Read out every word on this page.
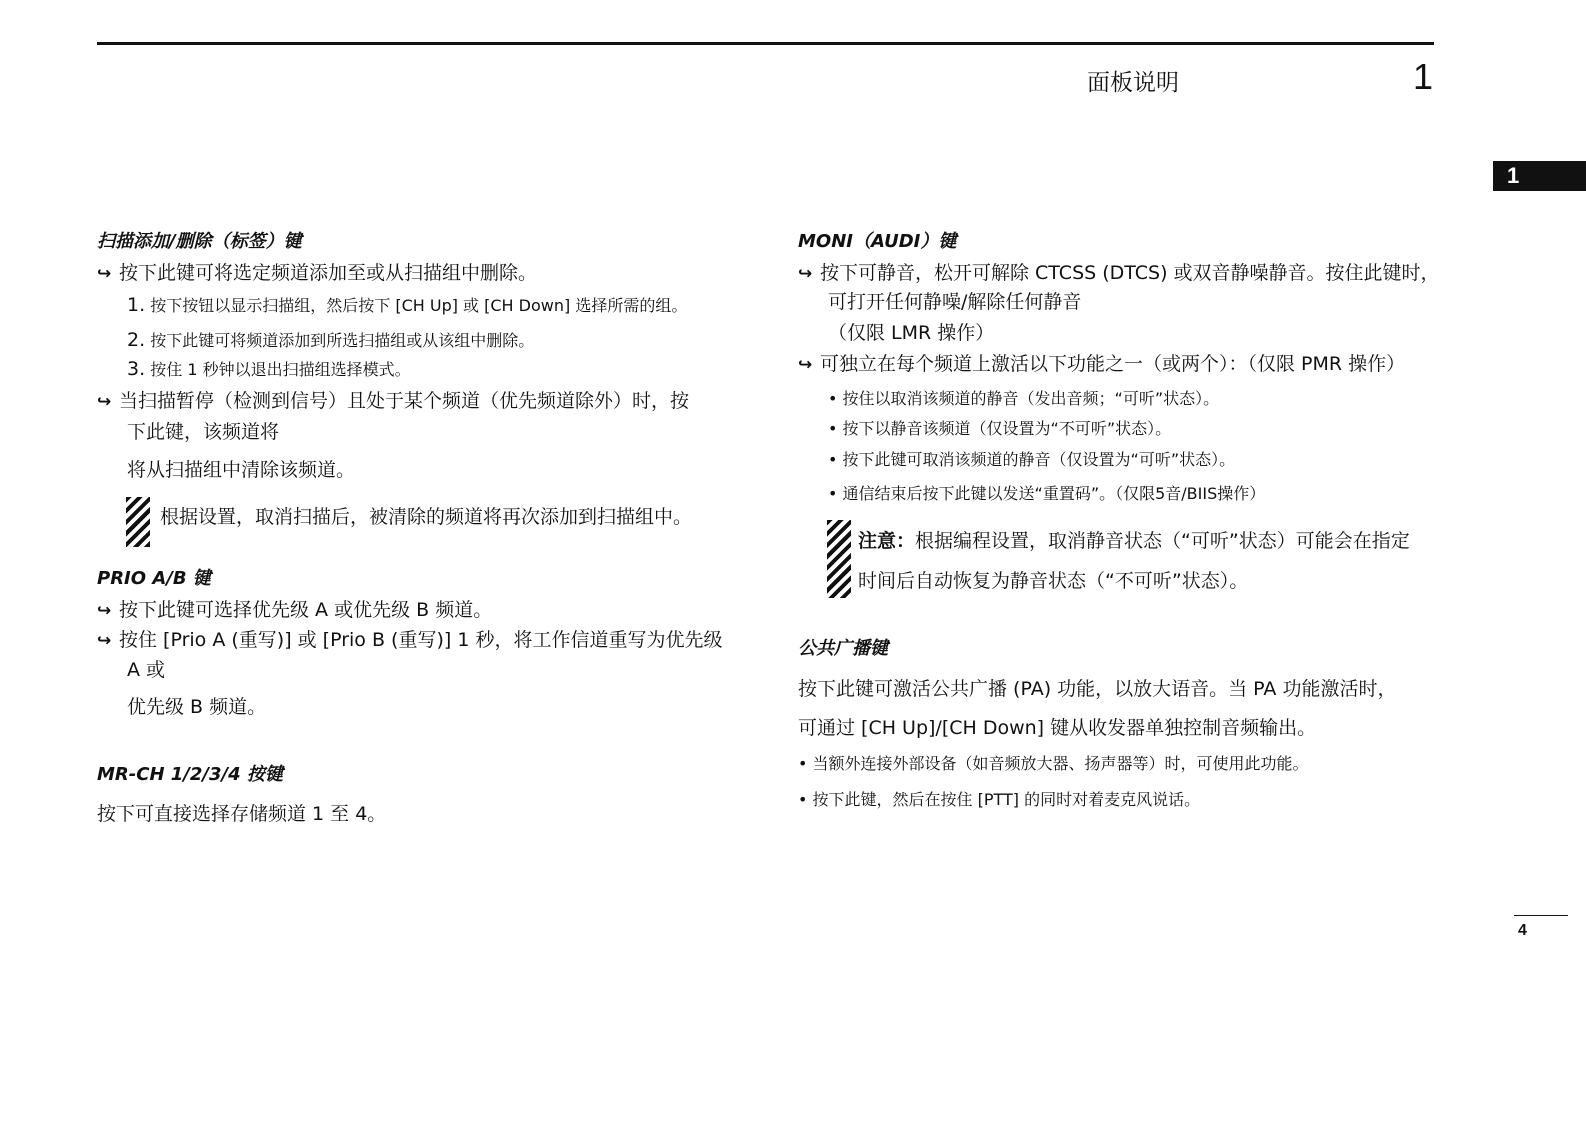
面板说明	1
1
扫描添加/删除（标签）键
↪ 按下此键可将选定频道添加至或从扫描组中删除。
1. 按下按钮以显示扫描组，然后按下 [CH Up] 或 [CH Down] 选择所需的组。
2. 按下此键可将频道添加到所选扫描组或从该组中删除。
3. 按住 1 秒钟以退出扫描组选择模式。
↪ 当扫描暂停（检测到信号）且处于某个频道（优先频道除外）时，按
下此键，该频道将
将从扫描组中清除该频道。
根据设置，取消扫描后，被清除的频道将再次添加到扫描组中。
PRIO A/B 键
↪ 按下此键可选择优先级 A 或优先级 B 频道。
↪ 按住 [Prio A (重写)] 或 [Prio B (重写)] 1 秒，将工作信道重写为优先级
A 或
优先级 B 频道。
MR-CH 1/2/3/4 按键
按下可直接选择存储频道 1 至 4。
MONI（AUDI）键
↪ 按下可静音，松开可解除 CTCSS (DTCS) 或双音静噪静音。按住此键时，
可打开任何静噪/解除任何静音
（仅限 LMR 操作）
↪ 可独立在每个频道上激活以下功能之一（或两个）：（仅限 PMR 操作）
• 按住以取消该频道的静音（发出音频；“可听”状态）。
• 按下以静音该频道（仅设置为“不可听”状态）。
• 按下此键可取消该频道的静音（仅设置为“可听”状态）。
• 通信结束后按下此键以发送“重置码”。（仅限5音/BIIS操作）
注意：根据编程设置，取消静音状态（“可听”状态）可能会在指定
时间后自动恢复为静音状态（“不可听”状态）。
公共广播键
按下此键可激活公共广播 (PA) 功能，以放大语音。当 PA 功能激活时，
可通过 [CH Up]/[CH Down] 键从收发器单独控制音频输出。
• 当额外连接外部设备（如音频放大器、扬声器等）时，可使用此功能。
• 按下此键，然后在按住 [PTT] 的同时对着麦克风说话。
4
